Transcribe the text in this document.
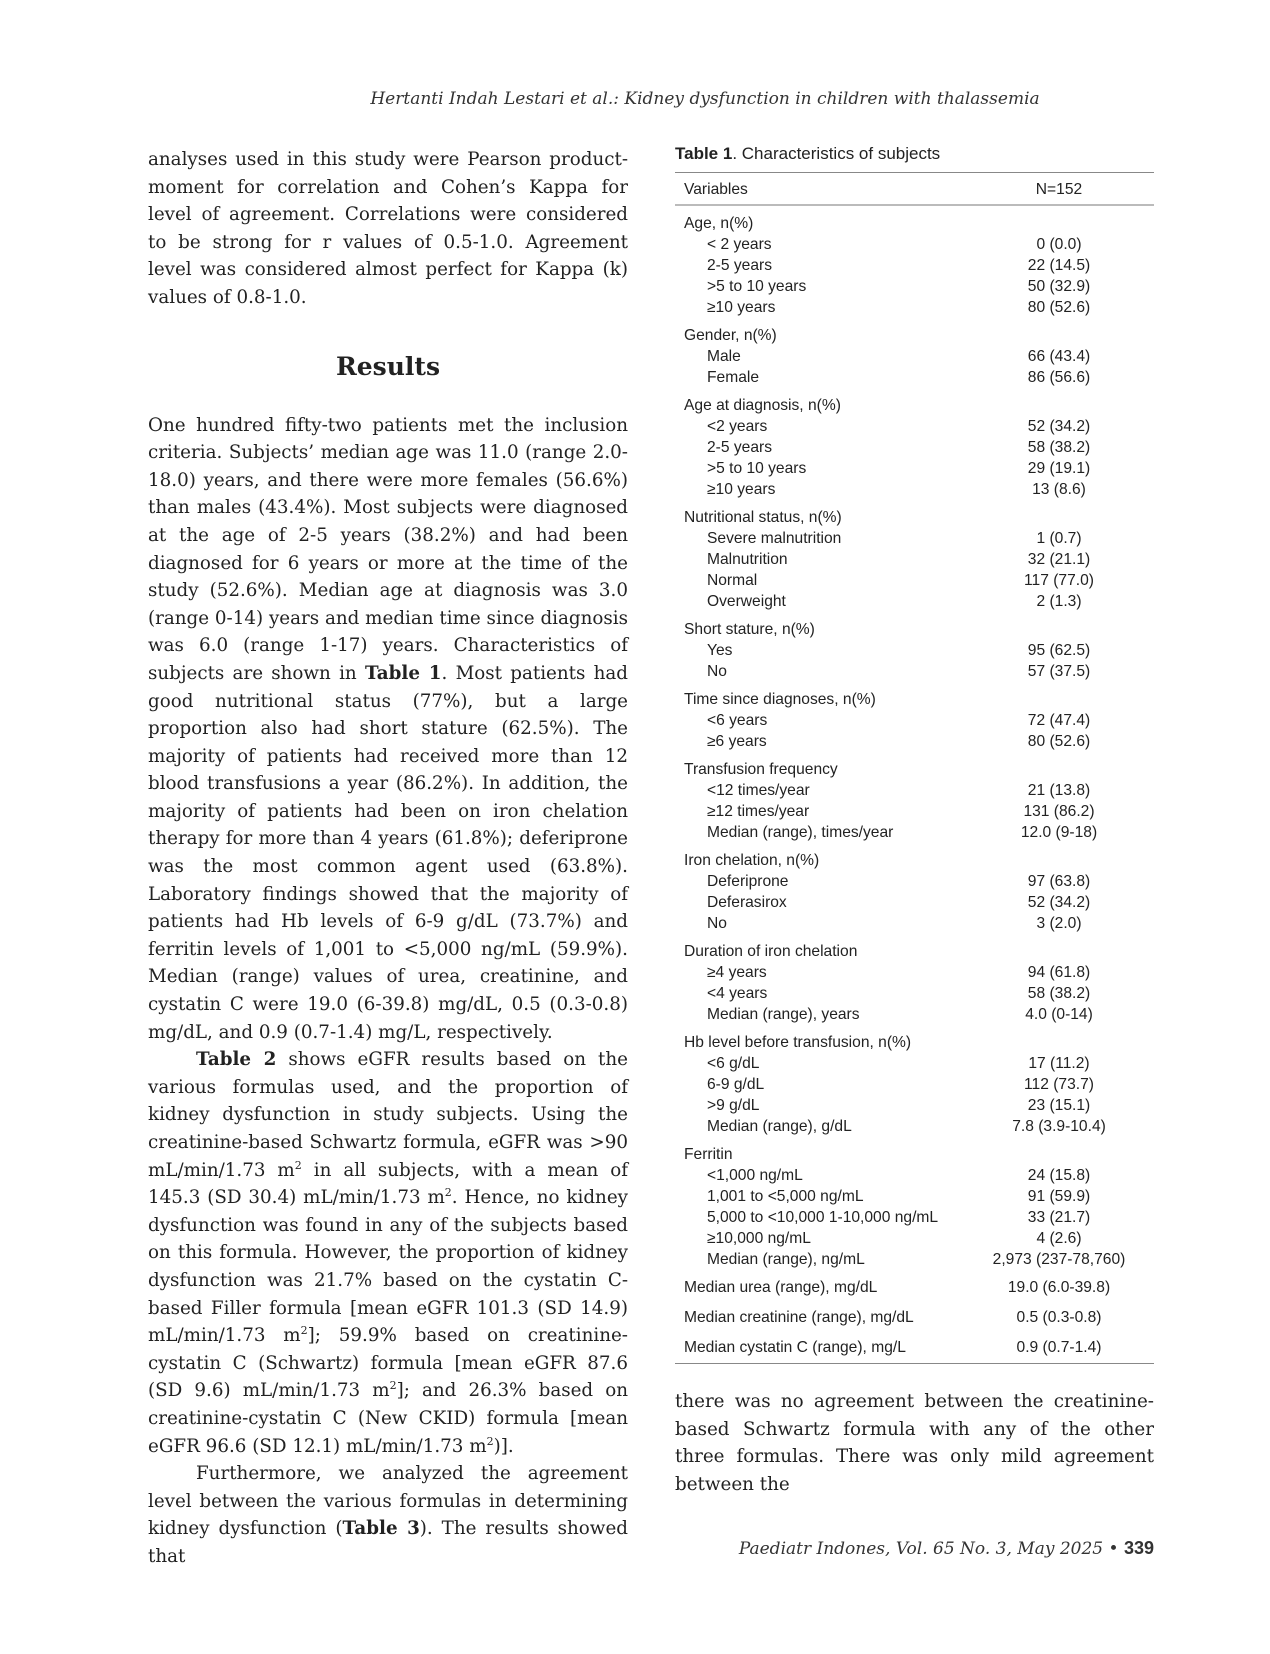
Hertanti Indah Lestari et al.: Kidney dysfunction in children with thalassemia

analyses used in this study were Pearson product-moment for correlation and Cohen’s Kappa for level of agreement. Correlations were considered to be strong for r values of 0.5-1.0. Agreement level was considered almost perfect for Kappa (k) values of 0.8-1.0.

Results

One hundred fifty-two patients met the inclusion criteria. Subjects’ median age was 11.0 (range 2.0-18.0) years, and there were more females (56.6%) than males (43.4%). Most subjects were diagnosed at the age of 2-5 years (38.2%) and had been diagnosed for 6 years or more at the time of the study (52.6%). Median age at diagnosis was 3.0 (range 0-14) years and median time since diagnosis was 6.0 (range 1-17) years. Characteristics of subjects are shown in Table 1. Most patients had good nutritional status (77%), but a large proportion also had short stature (62.5%). The majority of patients had received more than 12 blood transfusions a year (86.2%). In addition, the majority of patients had been on iron chelation therapy for more than 4 years (61.8%); deferiprone was the most common agent used (63.8%). Laboratory findings showed that the majority of patients had Hb levels of 6-9 g/dL (73.7%) and ferritin levels of 1,001 to <5,000 ng/mL (59.9%). Median (range) values of urea, creatinine, and cystatin C were 19.0 (6-39.8) mg/dL, 0.5 (0.3-0.8) mg/dL, and 0.9 (0.7-1.4) mg/L, respectively.

Table 2 shows eGFR results based on the various formulas used, and the proportion of kidney dysfunction in study subjects. Using the creatinine-based Schwartz formula, eGFR was >90 mL/min/1.73 $m^2$ in all subjects, with a mean of 145.3 (SD 30.4) mL/min/1.73 $m^2$. Hence, no kidney dysfunction was found in any of the subjects based on this formula. However, the proportion of kidney dysfunction was 21.7% based on the cystatin C-based Filler formula [mean eGFR 101.3 (SD 14.9) mL/min/1.73 $m^2$]; 59.9% based on creatinine-cystatin C (Schwartz) formula [mean eGFR 87.6 (SD 9.6) mL/min/1.73 $m^2$]; and 26.3% based on creatinine-cystatin C (New CKID) formula [mean eGFR 96.6 (SD 12.1) mL/min/1.73 $m^2$)].

Furthermore, we analyzed the agreement level between the various formulas in determining kidney dysfunction (Table 3). The results showed that

Table 1. Characteristics of subjects
Variables	N=152
Age, n(%)	
< 2 years	0 (0.0)
2-5 years	22 (14.5)
>5 to 10 years	50 (32.9)
≥10 years	80 (52.6)
Gender, n(%)	
Male	66 (43.4)
Female	86 (56.6)
Age at diagnosis, n(%)	
<2 years	52 (34.2)
2-5 years	58 (38.2)
>5 to 10 years	29 (19.1)
≥10 years	13 (8.6)
Nutritional status, n(%)	
Severe malnutrition	1 (0.7)
Malnutrition	32 (21.1)
Normal	117 (77.0)
Overweight	2 (1.3)
Short stature, n(%)	
Yes	95 (62.5)
No	57 (37.5)
Time since diagnoses, n(%)	
<6 years	72 (47.4)
≥6 years	80 (52.6)
Transfusion frequency	
<12 times/year	21 (13.8)
≥12 times/year	131 (86.2)
Median (range), times/year	12.0 (9-18)
Iron chelation, n(%)	
Deferiprone	97 (63.8)
Deferasirox	52 (34.2)
No	3 (2.0)
Duration of iron chelation	
≥4 years	94 (61.8)
<4 years	58 (38.2)
Median (range), years	4.0 (0-14)
Hb level before transfusion, n(%)	
<6 g/dL	17 (11.2)
6-9 g/dL	112 (73.7)
>9 g/dL	23 (15.1)
Median (range), g/dL	7.8 (3.9-10.4)
Ferritin	
<1,000 ng/mL	24 (15.8)
1,001 to <5,000 ng/mL	91 (59.9)
5,000 to <10,000 1-10,000 ng/mL	33 (21.7)
≥10,000 ng/mL	4 (2.6)
Median (range), ng/mL	2,973 (237-78,760)
Median urea (range), mg/dL	19.0 (6.0-39.8)
Median creatinine (range), mg/dL	0.5 (0.3-0.8)
Median cystatin C (range), mg/L	0.9 (0.7-1.4)
there was no agreement between the creatinine-based Schwartz formula with any of the other three formulas. There was only mild agreement between the
Paediatr Indones, Vol. 65 No. 3, May 2025 • 339
